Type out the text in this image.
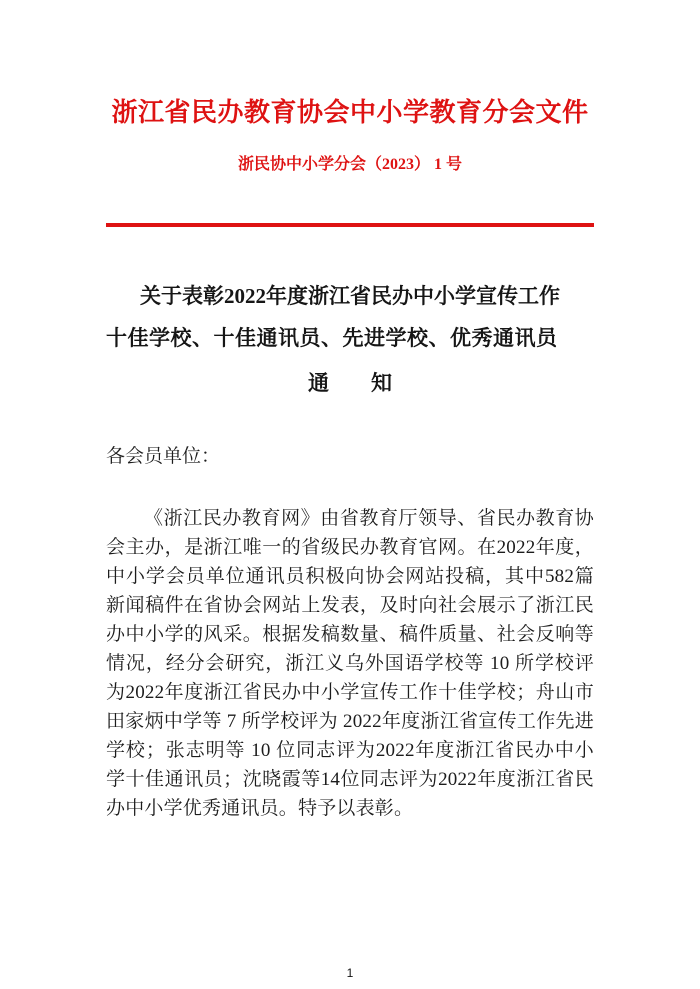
浙江省民办教育协会中小学教育分会文件
浙民协中小学分会（2023） 1 号
关于表彰2022年度浙江省民办中小学宣传工作
十佳学校、十佳通讯员、先进学校、优秀通讯员
通　　知
各会员单位：

《浙江民办教育网》由省教育厅领导、省民办教育协会主办，是浙江唯一的省级民办教育官网。在2022年度，中小学会员单位通讯员积极向协会网站投稿，其中582篇新闻稿件在省协会网站上发表，及时向社会展示了浙江民办中小学的风采。根据发稿数量、稿件质量、社会反响等情况，经分会研究，浙江义乌外国语学校等 10 所学校评为2022年度浙江省民办中小学宣传工作十佳学校；舟山市田家炳中学等 7 所学校评为 2022年度浙江省宣传工作先进学校；张志明等 10 位同志评为2022年度浙江省民办中小学十佳通讯员；沈晓霞等14位同志评为2022年度浙江省民办中小学优秀通讯员。特予以表彰。

1
